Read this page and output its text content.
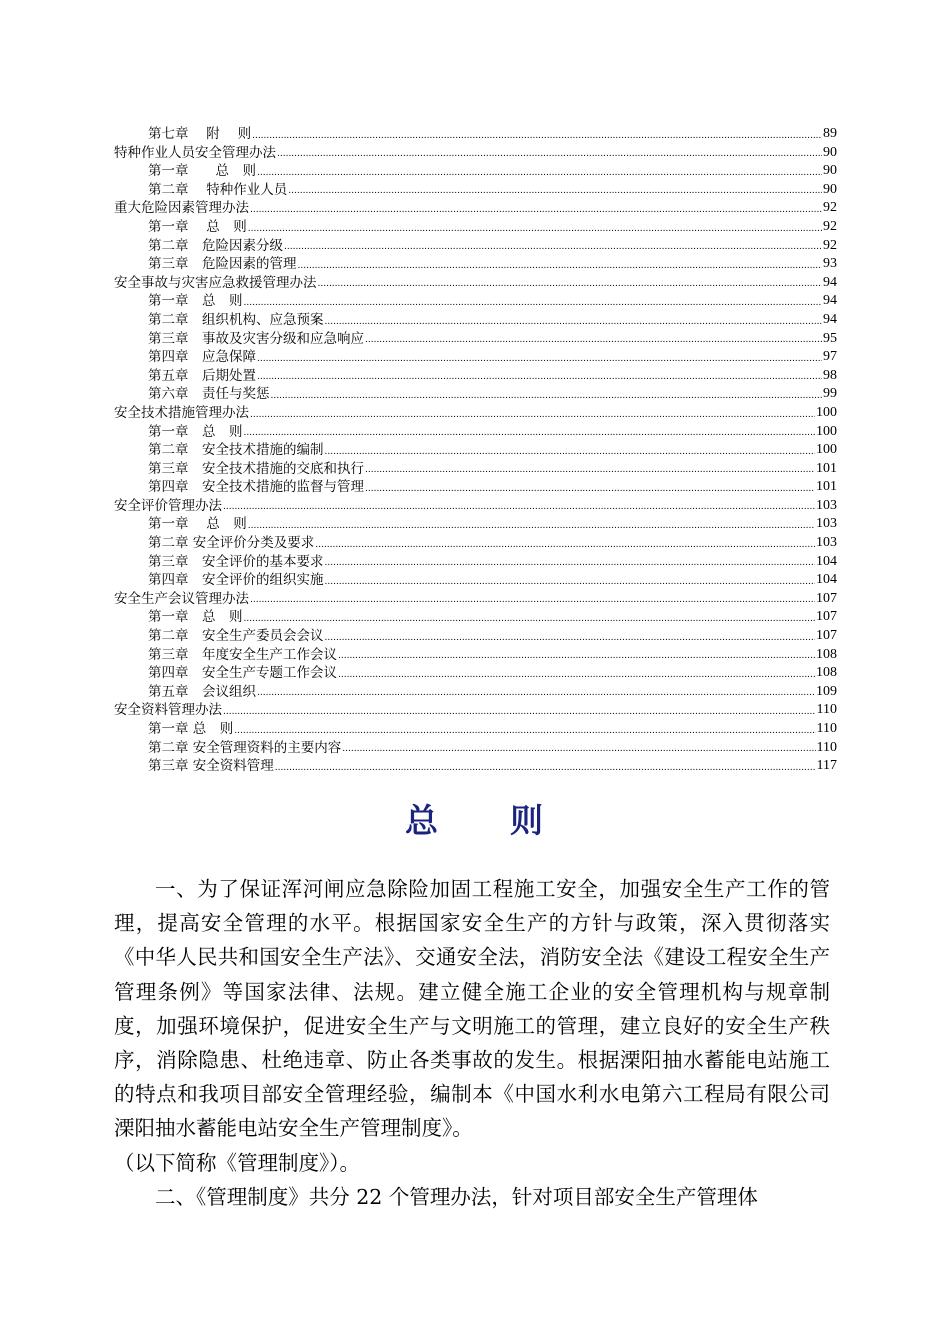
第七章　 附　 则 .....	89
特种作业人员安全管理办法 .....	90
第一章　　总　则 .....	90
第二章　 特种作业人员 .....	90
重大危险因素管理办法 .....	92
第一章　 总　则 .....	92
第二章　危险因素分级 .....	92
第三章　危险因素的管理 .....	93
安全事故与灾害应急救援管理办法 .....	94
第一章　总　则 .....	94
第二章　组织机构、应急预案 .....	94
第三章　事故及灾害分级和应急响应 .....	95
第四章　应急保障 .....	97
第五章　后期处置 .....	98
第六章　责任与奖惩 .....	99
安全技术措施管理办法 .....	100
第一章　总　则 .....	100
第二章　安全技术措施的编制 .....	100
第三章　安全技术措施的交底和执行 .....	101
第四章　安全技术措施的监督与管理 .....	101
安全评价管理办法 .....	103
第一章　 总　则 .....	103
第二章 安全评价分类及要求 .....	103
第三章　安全评价的基本要求 .....	104
第四章　安全评价的组织实施 .....	104
安全生产会议管理办法 .....	107
第一章　总　则 .....	107
第二章　安全生产委员会会议 .....	107
第三章　年度安全生产工作会议 .....	108
第四章　安全生产专题工作会议 .....	108
第五章　会议组织 .....	109
安全资料管理办法 .....	110
第一章 总　则 .....	110
第二章 安全管理资料的主要内容 .....	110
第三章 安全资料管理 .....	117
总　　则

一、为了保证浑河闸应急除险加固工程施工安全，加强安全生产工作的管理，提高安全管理的水平。根据国家安全生产的方针与政策，深入贯彻落实《中华人民共和国安全生产法》、交通安全法，消防安全法《建设工程安全生产管理条例》等国家法律、法规。建立健全施工企业的安全管理机构与规章制度，加强环境保护，促进安全生产与文明施工的管理，建立良好的安全生产秩序，消除隐患、杜绝违章、防止各类事故的发生。根据溧阳抽水蓄能电站施工的特点和我项目部安全管理经验，编制本《中国水利水电第六工程局有限公司溧阳抽水蓄能电站安全生产管理制度》。

（以下简称《管理制度》）。

二、《管理制度》共分 22 个管理办法，针对项目部安全生产管理体
